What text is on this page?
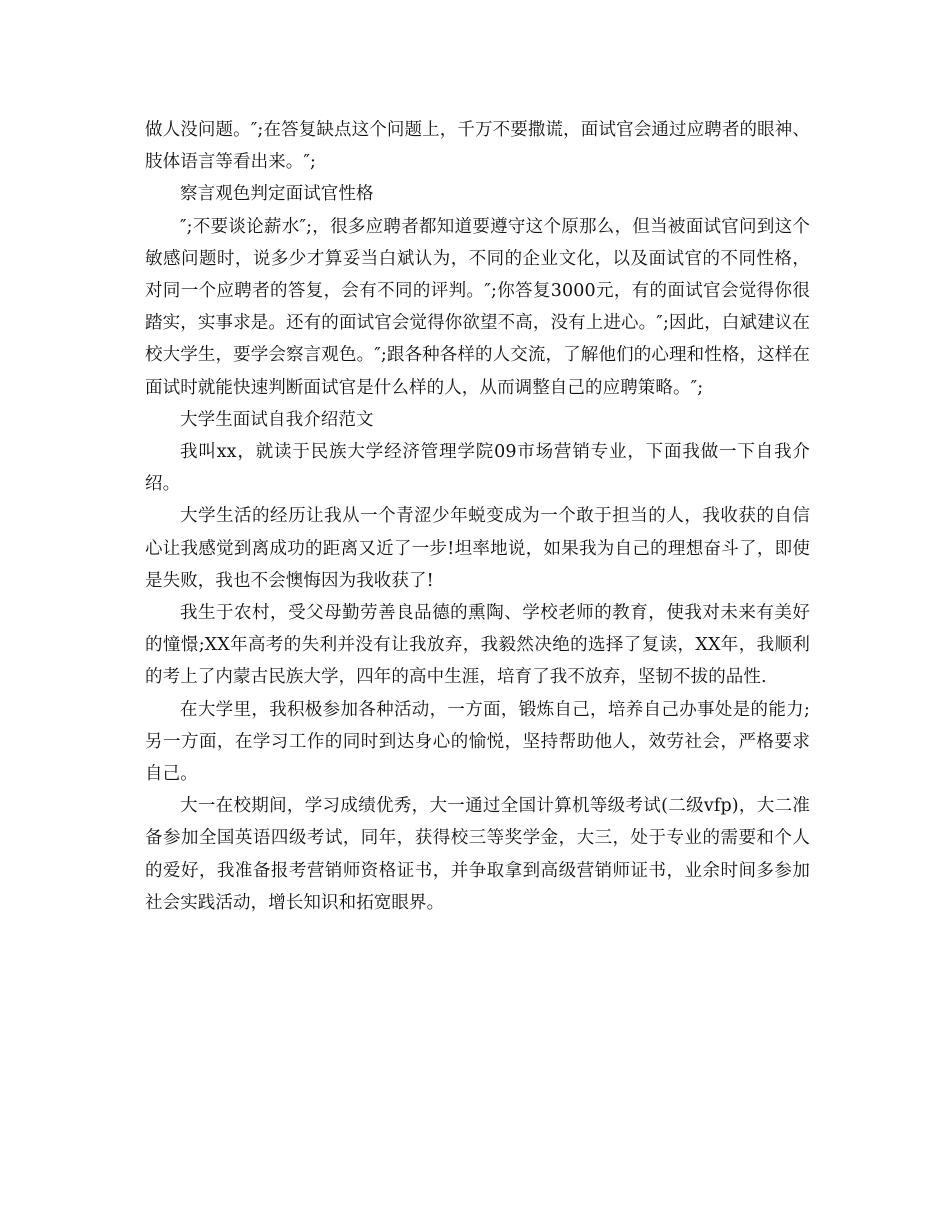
做人没问题。″;在答复缺点这个问题上，千万不要撒谎，面试官会通过应聘者的眼神、肢体语言等看出来。″;

察言观色判定面试官性格

″;不要谈论薪水″;，很多应聘者都知道要遵守这个原那么，但当被面试官问到这个敏感问题时，说多少才算妥当白斌认为，不同的企业文化，以及面试官的不同性格，对同一个应聘者的答复，会有不同的评判。″;你答复3000元，有的面试官会觉得你很踏实，实事求是。还有的面试官会觉得你欲望不高，没有上进心。″;因此，白斌建议在校大学生，要学会察言观色。″;跟各种各样的人交流，了解他们的心理和性格，这样在面试时就能快速判断面试官是什么样的人，从而调整自己的应聘策略。″;

大学生面试自我介绍范文

我叫xx，就读于民族大学经济管理学院09市场营销专业，下面我做一下自我介绍。

大学生活的经历让我从一个青涩少年蜕变成为一个敢于担当的人，我收获的自信心让我感觉到离成功的距离又近了一步!坦率地说，如果我为自己的理想奋斗了，即使是失败，我也不会懊悔因为我收获了!

我生于农村，受父母勤劳善良品德的熏陶、学校老师的教育，使我对未来有美好的憧憬;XX年高考的失利并没有让我放弃，我毅然决绝的选择了复读，XX年，我顺利的考上了内蒙古民族大学，四年的高中生涯，培育了我不放弃，坚韧不拔的品性.

在大学里，我积极参加各种活动，一方面，锻炼自己，培养自己办事处是的能力;另一方面，在学习工作的同时到达身心的愉悦，坚持帮助他人，效劳社会，严格要求自己。

大一在校期间，学习成绩优秀，大一通过全国计算机等级考试(二级vfp)，大二准备参加全国英语四级考试，同年，获得校三等奖学金，大三，处于专业的需要和个人的爱好，我准备报考营销师资格证书，并争取拿到高级营销师证书，业余时间多参加社会实践活动，增长知识和拓宽眼界。
